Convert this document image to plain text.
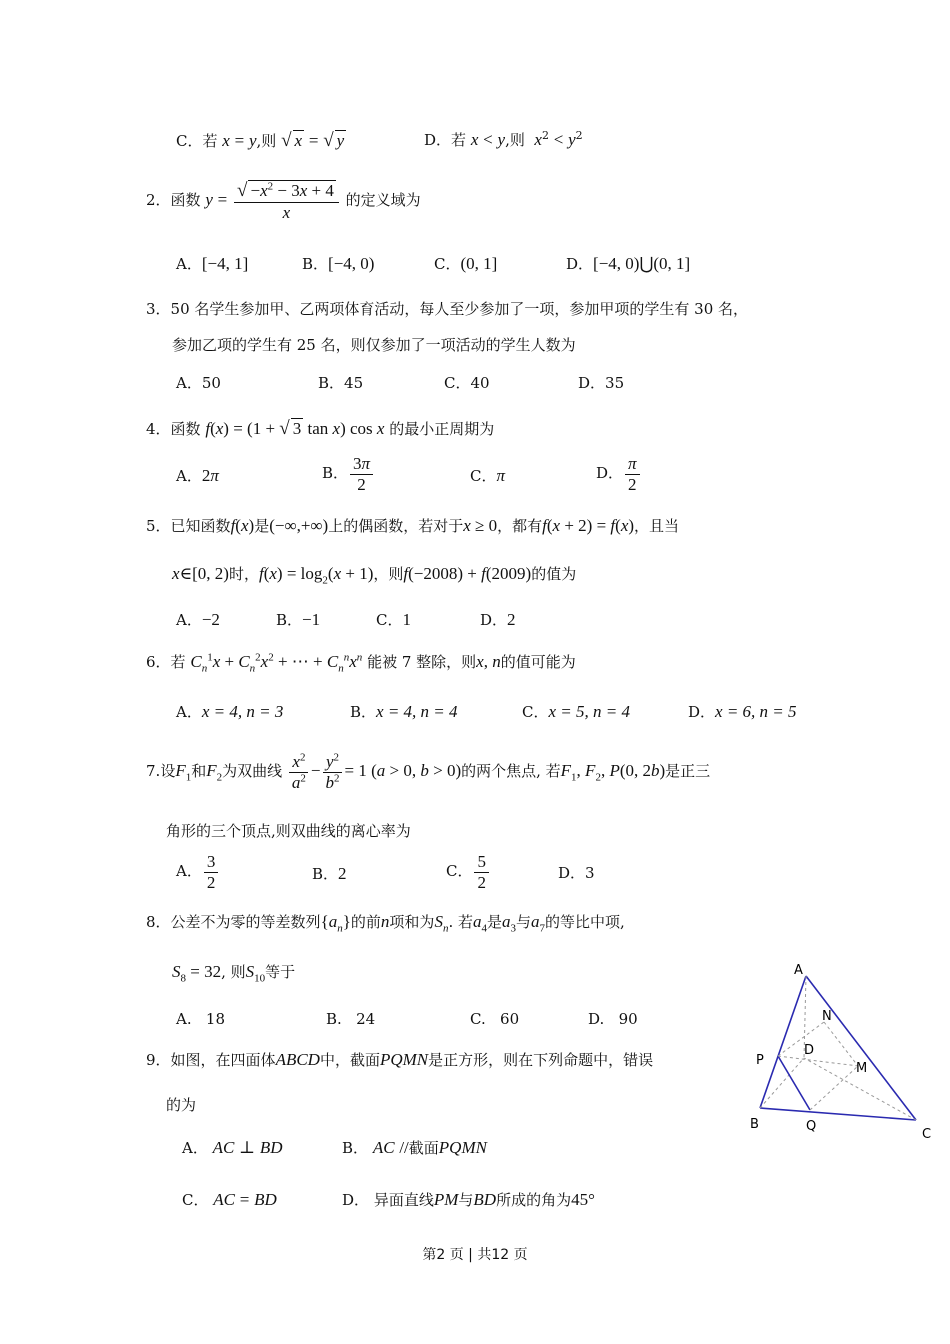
C．若 x = y,则 √ x = √ y	D．若 x < y,则 $x^2 < y^2$
2．函数 $y = \frac{√ -x^2 - 3x + 4}{x}$ 的定义域为
A．[−4, 1]	B．[−4, 0)	C．(0, 1]	D．[−4, 0)⋃(0, 1]
3．50 名学生参加甲、乙两项体育活动，每人至少参加了一项，参加甲项的学生有 30 名，
参加乙项的学生有 25 名，则仅参加了一项活动的学生人数为
A．50	B．45	C．40	D．35
4．函数 f(x) = (1 + √ 3 tan x) cos x 的最小正周期为
A．2π	B． $\frac{3\pi}{2}$	C．π	D． $\frac{\pi}{2}$
5．已知函数f(x)是(−∞,+∞)上的偶函数，若对于x ≥ 0，都有f(x + 2) = f(x)，且当
x∈[0, 2)时，$f(x) = \log_2(x + 1)$，则f(−2008) + f(2009)的值为
A．−2	B．−1	C．1	D．2
6．若 $C_n^1x + C_n^2x^2$ + ⋯ + $C_n^nx^n$ 能被 7 整除，则x, n的值可能为
A．x = 4, n = 3	B．x = 4, n = 4	C．x = 5, n = 4	D．x = 6, n = 5
7.设$F_1$和$F_2$为双曲线 $\frac{x^2}{a^2} - \frac{y^2}{b^2} = 1$ (a > 0, b > 0)的两个焦点, 若$F_1$, $F_2$, P(0, 2b)是正三
角形的三个顶点,则双曲线的离心率为
A． $\frac{3}{2}$	B．2	C． $\frac{5}{2}$	D．3
8．公差不为零的等差数列$\{a_n\}$的前n项和为$S_n$. 若$a_4$是$a_3$与$a_7$的等比中项,
$S_8 = 32$, 则$S_{10}$等于
A. 18	B. 24	C. 60	D. 90
9．如图，在四面体ABCD中，截面PQMN是正方形，则在下列命题中，错误
的为
A． AC ⊥ BD	B． AC //截面PQMN
C． AC = BD	D． 异面直线PM与BD所成的角为45°
A
B
C
D
N
M
P
Q
第2 页 | 共12 页
